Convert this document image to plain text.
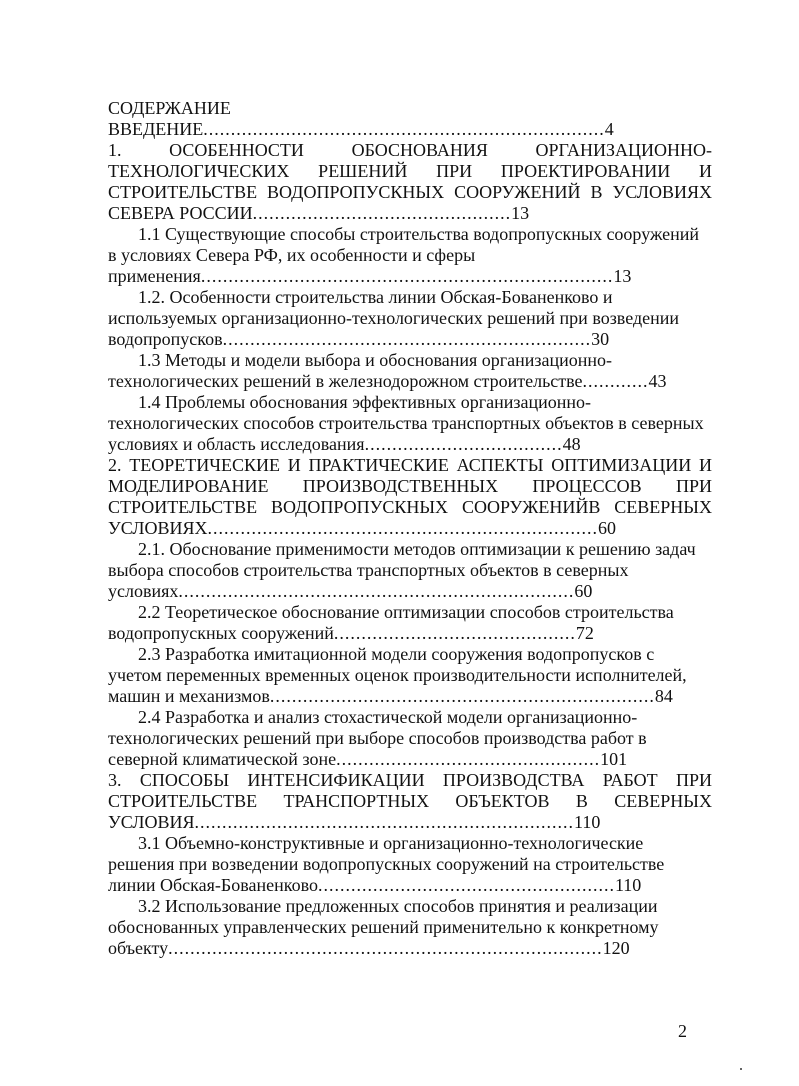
СОДЕРЖАНИЕ

ВВЕДЕНИЕ.........................................................................4

1. ОСОБЕННОСТИ ОБОСНОВАНИЯ ОРГАНИЗАЦИОННО-ТЕХНОЛОГИЧЕСКИХ РЕШЕНИЙ ПРИ ПРОЕКТИРОВАНИИ И СТРОИТЕЛЬСТВЕ ВОДОПРОПУСКНЫХ СООРУЖЕНИЙ В УСЛОВИЯХ СЕВЕРА РОССИИ...............................................13

1.1 Существующие способы строительства водопропускных сооружений в условиях Севера РФ, их особенности и сферы применения...........................................................................13

1.2. Особенности строительства линии Обская-Бованенково и используемых организационно-технологических решений при возведении водопропусков...................................................................30

1.3 Методы и модели выбора и обоснования организационно-технологических решений в железнодорожном строительстве............43

1.4 Проблемы обоснования эффективных организационно-технологических способов строительства транспортных объектов в северных условиях и область исследования....................................48

2. ТЕОРЕТИЧЕСКИЕ И ПРАКТИЧЕСКИЕ АСПЕКТЫ ОПТИМИЗАЦИИ И МОДЕЛИРОВАНИЕ ПРОИЗВОДСТВЕННЫХ ПРОЦЕССОВ ПРИ СТРОИТЕЛЬСТВЕ ВОДОПРОПУСКНЫХ СООРУЖЕНИЙВ СЕВЕРНЫХ УСЛОВИЯХ.......................................................................60

2.1. Обоснование применимости методов оптимизации к решению задач выбора способов строительства транспортных объектов в северных условиях........................................................................60

2.2 Теоретическое обоснование оптимизации способов строительства водопропускных сооружений............................................72

2.3 Разработка имитационной модели сооружения водопропусков с учетом переменных временных оценок производительности исполнителей, машин и механизмов......................................................................84

2.4 Разработка и анализ стохастической модели организационно-технологических решений при выборе способов производства работ в северной климатической зоне................................................101

3. СПОСОБЫ ИНТЕНСИФИКАЦИИ ПРОИЗВОДСТВА РАБОТ ПРИ СТРОИТЕЛЬСТВЕ ТРАНСПОРТНЫХ ОБЪЕКТОВ В СЕВЕРНЫХ УСЛОВИЯ.....................................................................110

3.1 Объемно-конструктивные и организационно-технологические решения при возведении водопропускных сооружений на строительстве линии Обская-Бованенково......................................................110

3.2 Использование предложенных способов принятия и реализации обоснованных управленческих решений применительно к конкретному объекту...............................................................................120

2
